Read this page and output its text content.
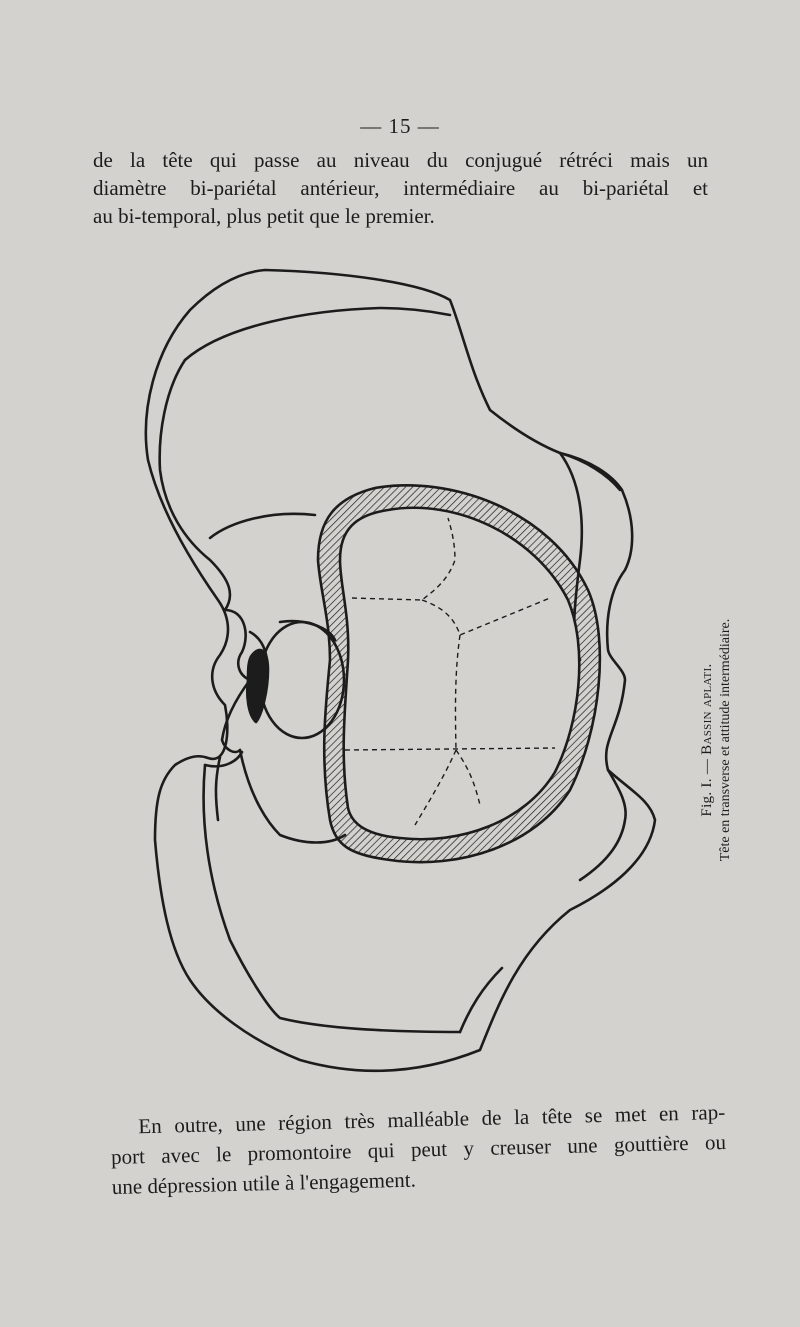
— 15 —
de la tête qui passe au niveau du conjugué rétréci mais un
diamètre bi-pariétal antérieur, intermédiaire au bi-pariétal et
au bi-temporal, plus petit que le premier.
Fig. I. — Bassin aplati. Tête en transverse et attitude intermédiaire.
En outre, une région très malléable de la tête se met en rap-
port avec le promontoire qui peut y creuser une gouttière ou
une dépression utile à l'engagement.
